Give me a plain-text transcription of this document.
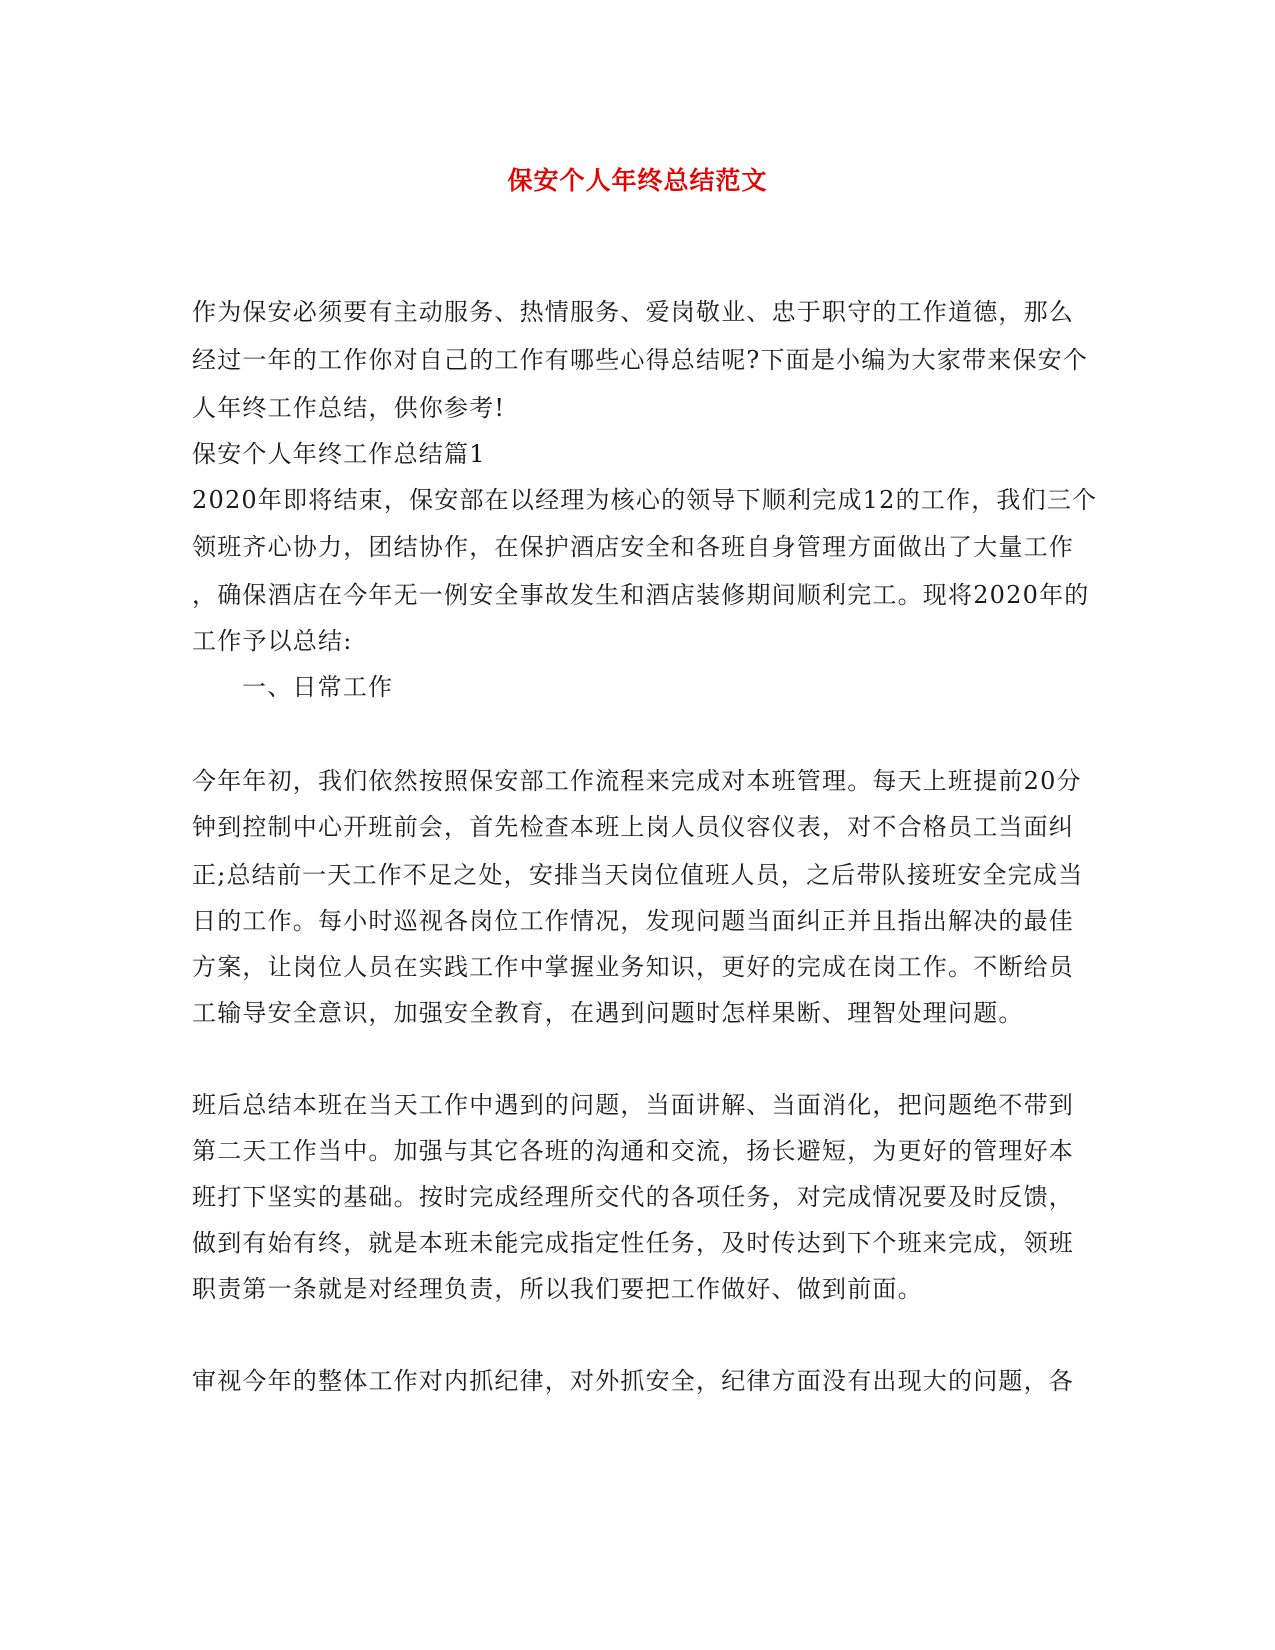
保安个人年终总结范文
作为保安必须要有主动服务、热情服务、爱岗敬业、忠于职守的工作道德，那么
经过一年的工作你对自己的工作有哪些心得总结呢?下面是小编为大家带来保安个
人年终工作总结，供你参考!
保安个人年终工作总结篇1
2020年即将结束，保安部在以经理为核心的领导下顺利完成12的工作，我们三个
领班齐心协力，团结协作，在保护酒店安全和各班自身管理方面做出了大量工作
，确保酒店在今年无一例安全事故发生和酒店装修期间顺利完工。现将2020年的
工作予以总结:
一、日常工作
今年年初，我们依然按照保安部工作流程来完成对本班管理。每天上班提前20分
钟到控制中心开班前会，首先检查本班上岗人员仪容仪表，对不合格员工当面纠
正;总结前一天工作不足之处，安排当天岗位值班人员，之后带队接班安全完成当
日的工作。每小时巡视各岗位工作情况，发现问题当面纠正并且指出解决的最佳
方案，让岗位人员在实践工作中掌握业务知识，更好的完成在岗工作。不断给员
工输导安全意识，加强安全教育，在遇到问题时怎样果断、理智处理问题。
班后总结本班在当天工作中遇到的问题，当面讲解、当面消化，把问题绝不带到
第二天工作当中。加强与其它各班的沟通和交流，扬长避短，为更好的管理好本
班打下坚实的基础。按时完成经理所交代的各项任务，对完成情况要及时反馈，
做到有始有终，就是本班未能完成指定性任务，及时传达到下个班来完成，领班
职责第一条就是对经理负责，所以我们要把工作做好、做到前面。
审视今年的整体工作对内抓纪律，对外抓安全，纪律方面没有出现大的问题，各
